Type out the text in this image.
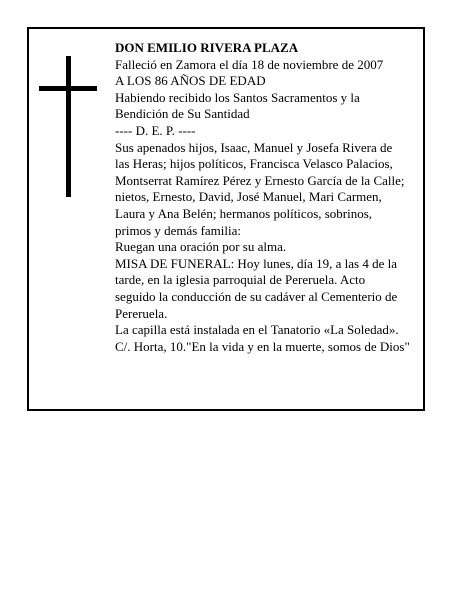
DON EMILIO RIVERA PLAZA
Falleció en Zamora el día 18 de noviembre de 2007
A LOS 86 AÑOS DE EDAD
Habiendo recibido los Santos Sacramentos y la
Bendición de Su Santidad
---- D. E. P. ----
Sus apenados hijos, Isaac, Manuel y Josefa Rivera de
las Heras; hijos políticos, Francisca Velasco Palacios,
Montserrat Ramírez Pérez y Ernesto García de la Calle;
nietos, Ernesto, David, José Manuel, Mari Carmen,
Laura y Ana Belén; hermanos políticos, sobrinos,
primos y demás familia:
Ruegan una oración por su alma.
MISA DE FUNERAL: Hoy lunes, día 19, a las 4 de la
tarde, en la iglesia parroquial de Pereruela. Acto
seguido la conducción de su cadáver al Cementerio de
Pereruela.
La capilla está instalada en el Tanatorio «La Soledad».
C/. Horta, 10."En la vida y en la muerte, somos de Dios"
